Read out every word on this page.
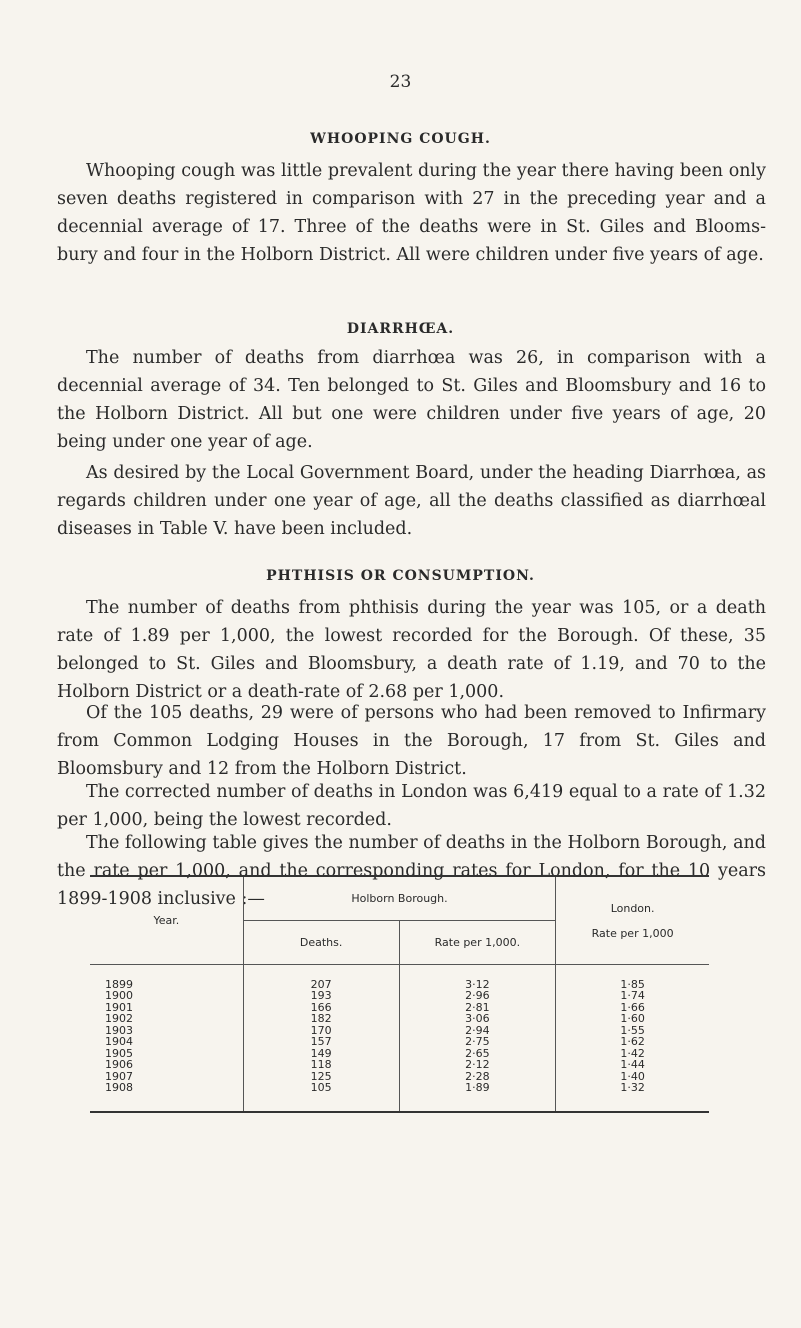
23
WHOOPING COUGH.

Whooping cough was little prevalent during the year there having been only seven deaths registered in comparison with 27 in the preceding year and a decennial average of 17. Three of the deaths were in St. Giles and Blooms- bury and four in the Holborn District. All were children under five years of age.

DIARRHŒA.

The number of deaths from diarrhœa was 26, in comparison with a decennial average of 34. Ten belonged to St. Giles and Bloomsbury and 16 to the Holborn District. All but one were children under five years of age, 20 being under one year of age.

As desired by the Local Government Board, under the heading Diarrhœa, as regards children under one year of age, all the deaths classified as diarrhœal diseases in Table V. have been included.

PHTHISIS OR CONSUMPTION.

The number of deaths from phthisis during the year was 105, or a death rate of 1.89 per 1,000, the lowest recorded for the Borough. Of these, 35 belonged to St. Giles and Bloomsbury, a death rate of 1.19, and 70 to the Holborn District or a death-rate of 2.68 per 1,000.

Of the 105 deaths, 29 were of persons who had been removed to Infirmary from Common Lodging Houses in the Borough, 17 from St. Giles and Bloomsbury and 12 from the Holborn District.

The corrected number of deaths in London was 6,419 equal to a rate of 1.32 per 1,000, being the lowest recorded.

The following table gives the number of deaths in the Holborn Borough, and the rate per 1,000, and the corresponding rates for London, for the 10 years 1899-1908 inclusive :—

Year.	Holborn Borough.		London.
Rate per 1,000

	Deaths.	Rate per 1,000.	

1899	207	3·12	1·85
1900	193	2·96	1·74
1901	166	2·81	1·66
1902	182	3·06	1·60
1903	170	2·94	1·55
1904	157	2·75	1·62
1905	149	2·65	1·42
1906	118	2·12	1·44
1907	125	2·28	1·40
1908	105	1·89	1·32
